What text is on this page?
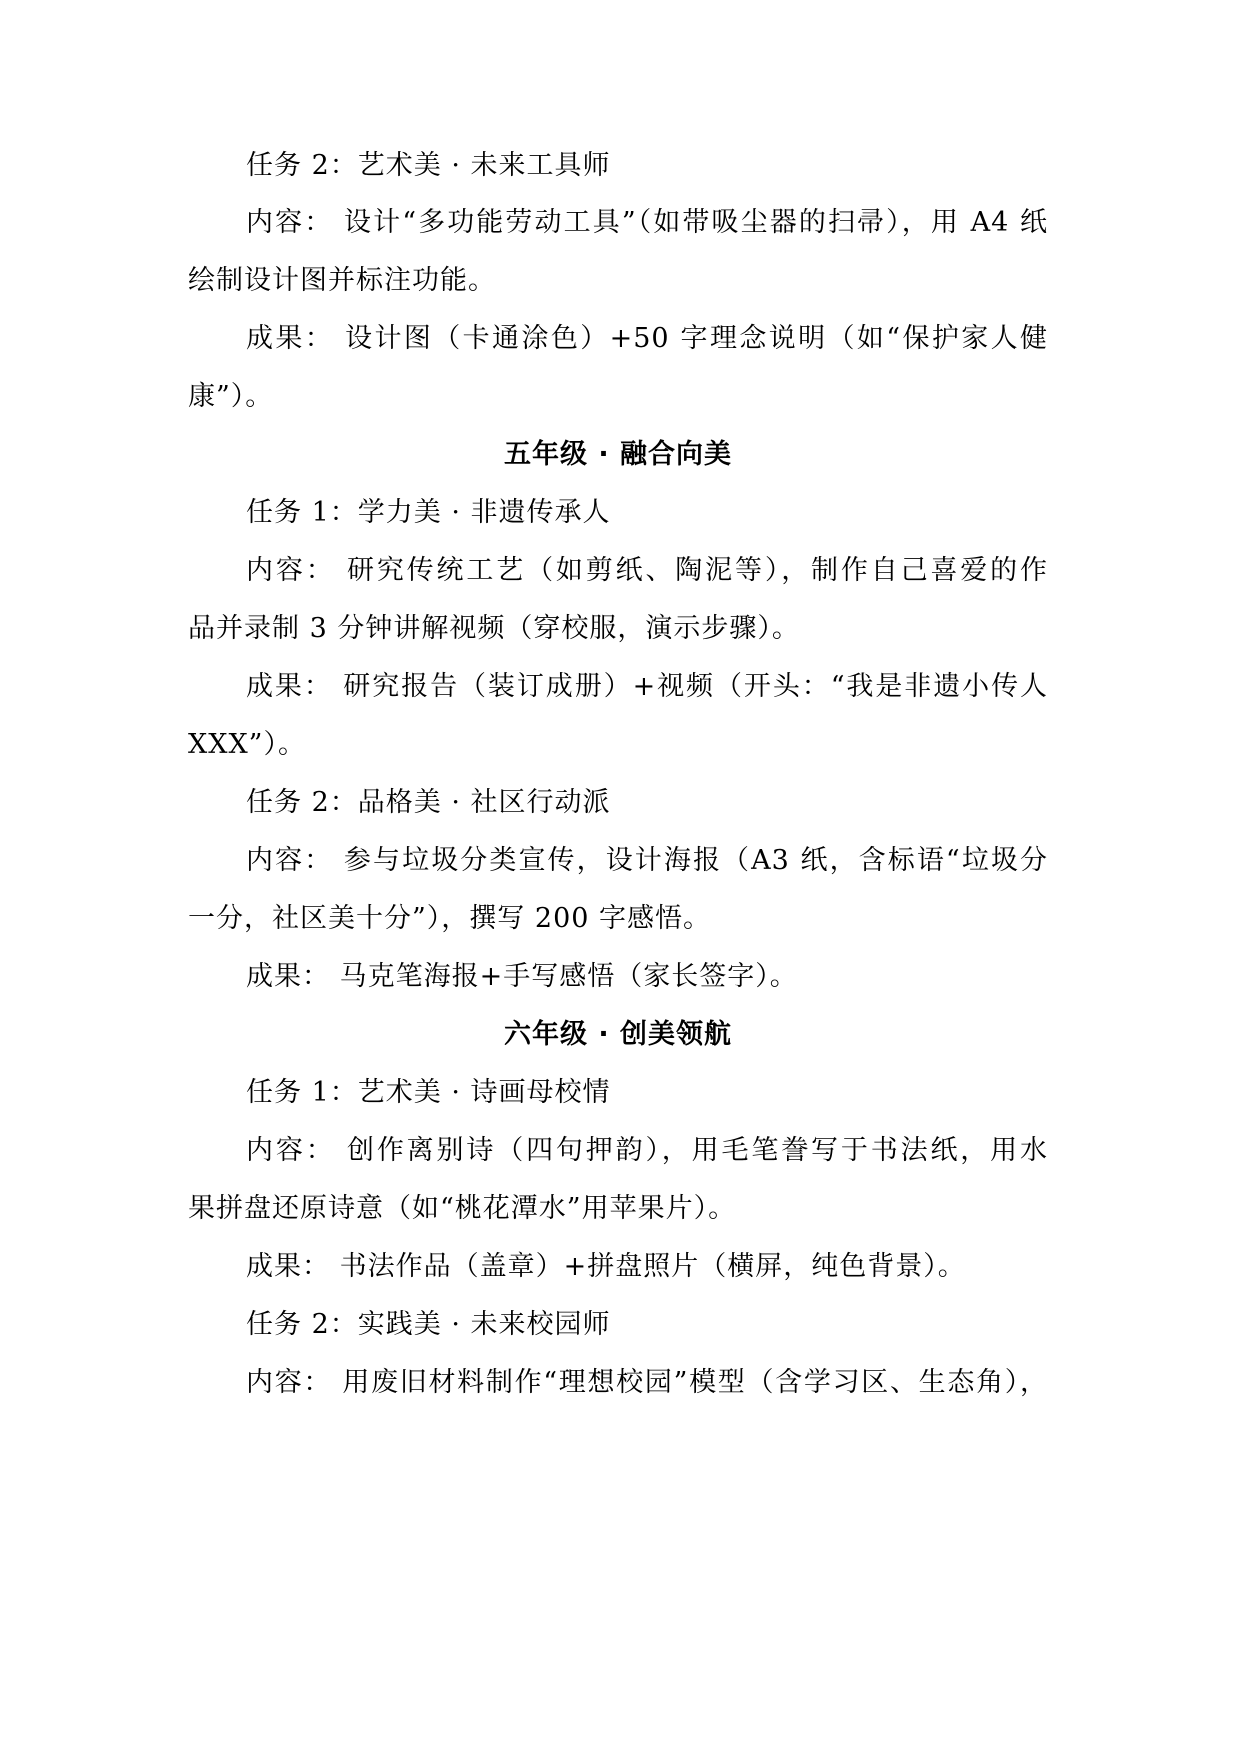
任务 2：艺术美 · 未来工具师
内容： 设计“多功能劳动工具”（如带吸尘器的扫帚），用 A4 纸
绘制设计图并标注功能。
成果： 设计图（卡通涂色）+50 字理念说明（如“保护家人健
康”）。
五年级 · 融合向美
任务 1：学力美 · 非遗传承人
内容： 研究传统工艺（如剪纸、陶泥等），制作自己喜爱的作
品并录制 3 分钟讲解视频（穿校服，演示步骤）。
成果： 研究报告（装订成册）+视频（开头：“我是非遗小传人
XXX”）。
任务 2：品格美 · 社区行动派
内容： 参与垃圾分类宣传，设计海报（A3 纸，含标语“垃圾分
一分，社区美十分”），撰写 200 字感悟。
成果： 马克笔海报+手写感悟（家长签字）。
六年级 · 创美领航
任务 1：艺术美 · 诗画母校情
内容： 创作离别诗（四句押韵），用毛笔誊写于书法纸，用水
果拼盘还原诗意（如“桃花潭水”用苹果片）。
成果： 书法作品（盖章）+拼盘照片（横屏，纯色背景）。
任务 2：实践美 · 未来校园师
内容： 用废旧材料制作“理想校园”模型（含学习区、生态角），
